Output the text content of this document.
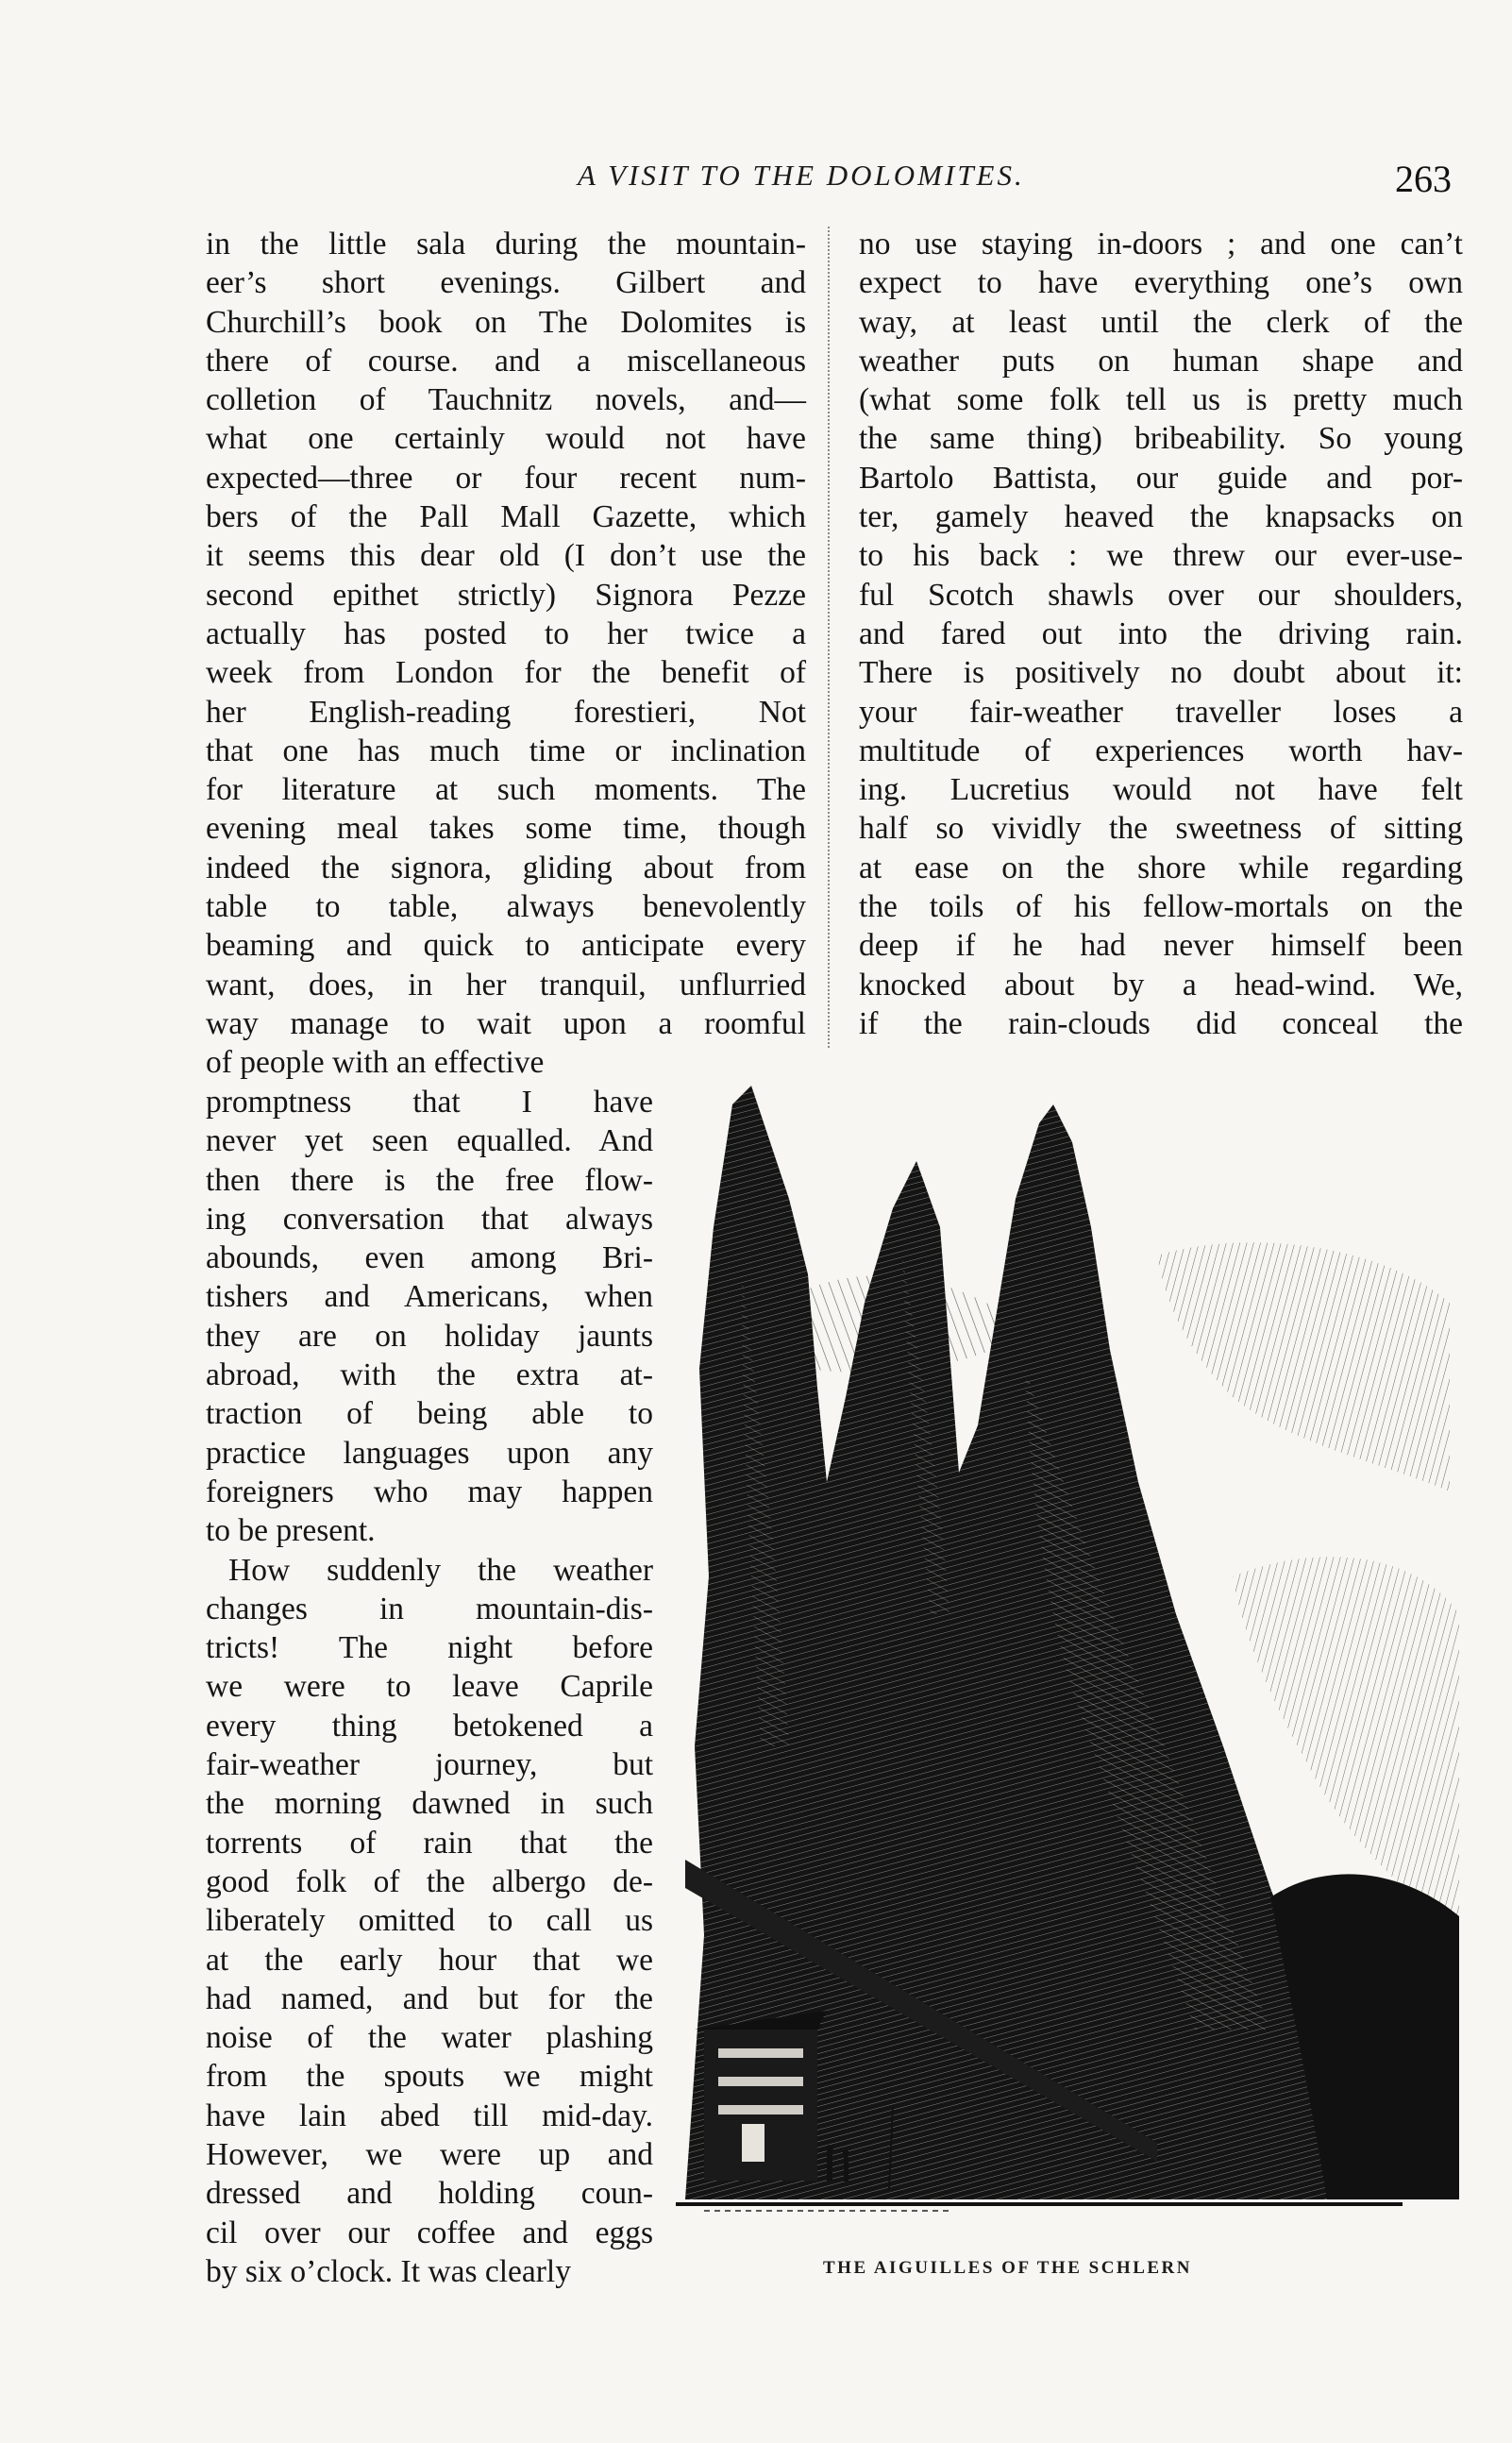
A VISIT TO THE DOLOMITES.	263
in the little sala during the mountain-
eer’s short evenings. Gilbert and
Churchill’s book on The Dolomites is
there of course. and a miscellaneous
colletion of Tauchnitz novels, and—
what one certainly would not have
expected—three or four recent num-
bers of the Pall Mall Gazette, which
it seems this dear old (I don’t use the
second epithet strictly) Signora Pezze
actually has posted to her twice a
week from London for the benefit of
her English-reading forestieri, Not
that one has much time or inclination
for literature at such moments. The
evening meal takes some time, though
indeed the signora, gliding about from
table to table, always benevolently
beaming and quick to anticipate every
want, does, in her tranquil, unflurried
way manage to wait upon a roomful
of people with an effective
promptness that I have
never yet seen equalled. And
then there is the free flow-
ing conversation that always
abounds, even among Bri-
tishers and Americans, when
they are on holiday jaunts
abroad, with the extra at-
traction of being able to
practice languages upon any
foreigners who may happen
to be present.
How suddenly the weather
changes in mountain-dis-
tricts! The night before
we were to leave Caprile
every thing betokened a
fair-weather journey, but
the morning dawned in such
torrents of rain that the
good folk of the albergo de-
liberately omitted to call us
at the early hour that we
had named, and but for the
noise of the water plashing
from the spouts we might
have lain abed till mid-day.
However, we were up and
dressed and holding coun-
cil over our coffee and eggs
by six o’clock. It was clearly
no use staying in-doors ; and one can’t
expect to have everything one’s own
way, at least until the clerk of the
weather puts on human shape and
(what some folk tell us is pretty much
the same thing) bribeability. So young
Bartolo Battista, our guide and por-
ter, gamely heaved the knapsacks on
to his back : we threw our ever-use-
ful Scotch shawls over our shoulders,
and fared out into the driving rain.
There is positively no doubt about it:
your fair-weather traveller loses a
multitude of experiences worth hav-
ing. Lucretius would not have felt
half so vividly the sweetness of sitting
at ease on the shore while regarding
the toils of his fellow-mortals on the
deep if he had never himself been
knocked about by a head-wind. We,
if the rain-clouds did conceal the
THE AIGUILLES OF THE SCHLERN
